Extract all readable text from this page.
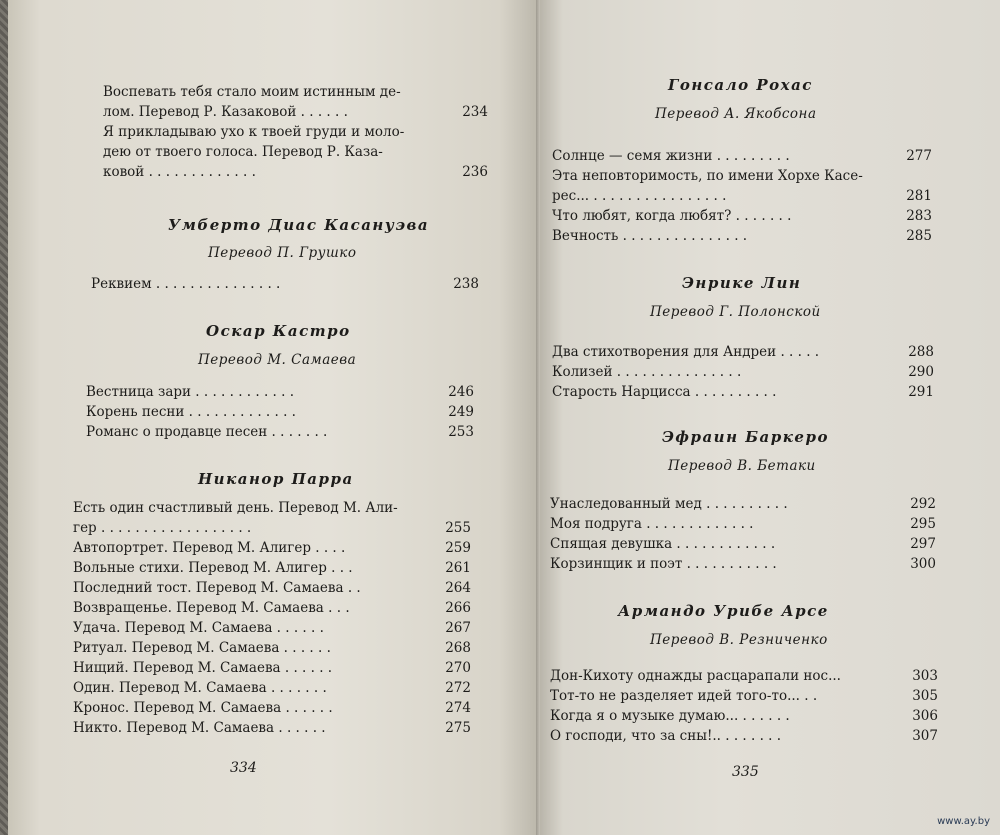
Воспевать тебя стало моим истинным де-
лом. Перевод Р. Казаковой . . . . . .	234
Я прикладываю ухо к твоей груди и моло-
дею от твоего голоса. Перевод Р. Каза-
ковой . . . . . . . . . . . . .	236
Умберто Диас Касануэва
Перевод П. Грушко
Реквием . . . . . . . . . . . . . . .	238
Оскар Кастро
Перевод М. Самаева
Вестница зари . . . . . . . . . . . .	246
Корень песни . . . . . . . . . . . . .	249
Романс о продавце песен . . . . . . .	253
Никанор Парра
Есть один счастливый день. Перевод М. Али-
гер . . . . . . . . . . . . . . . . . .	255
Автопортрет. Перевод М. Алигер . . . .	259
Вольные стихи. Перевод М. Алигер . . .	261
Последний тост. Перевод М. Самаева . .	264
Возвращенье. Перевод М. Самаева . . .	266
Удача. Перевод М. Самаева . . . . . .	267
Ритуал. Перевод М. Самаева . . . . . .	268
Нищий. Перевод М. Самаева . . . . . .	270
Один. Перевод М. Самаева . . . . . . .	272
Кронос. Перевод М. Самаева . . . . . .	274
Никто. Перевод М. Самаева . . . . . .	275
334
Гонсало Рохас
Перевод А. Якобсона
Солнце — семя жизни . . . . . . . . .	277
Эта неповторимость, по имени Хорхе Касе-
рес... . . . . . . . . . . . . . . . .	281
Что любят, когда любят? . . . . . . .	283
Вечность . . . . . . . . . . . . . . .	285
Энрике Лин
Перевод Г. Полонской
Два стихотворения для Андреи . . . . .	288
Колизей . . . . . . . . . . . . . . .	290
Старость Нарцисса . . . . . . . . . .	291
Эфраин Баркеро
Перевод В. Бетаки
Унаследованный мед . . . . . . . . . .	292
Моя подруга . . . . . . . . . . . . .	295
Спящая девушка . . . . . . . . . . . .	297
Корзинщик и поэт . . . . . . . . . . .	300
Армандо Урибе Арсе
Перевод В. Резниченко
Дон-Кихоту однажды расцарапали нос...	303
Тот-то не разделяет идей того-то... . .	305
Когда я о музыке думаю... . . . . . .	306
О господи, что за сны!.. . . . . . . .	307
335
www.ay.by
